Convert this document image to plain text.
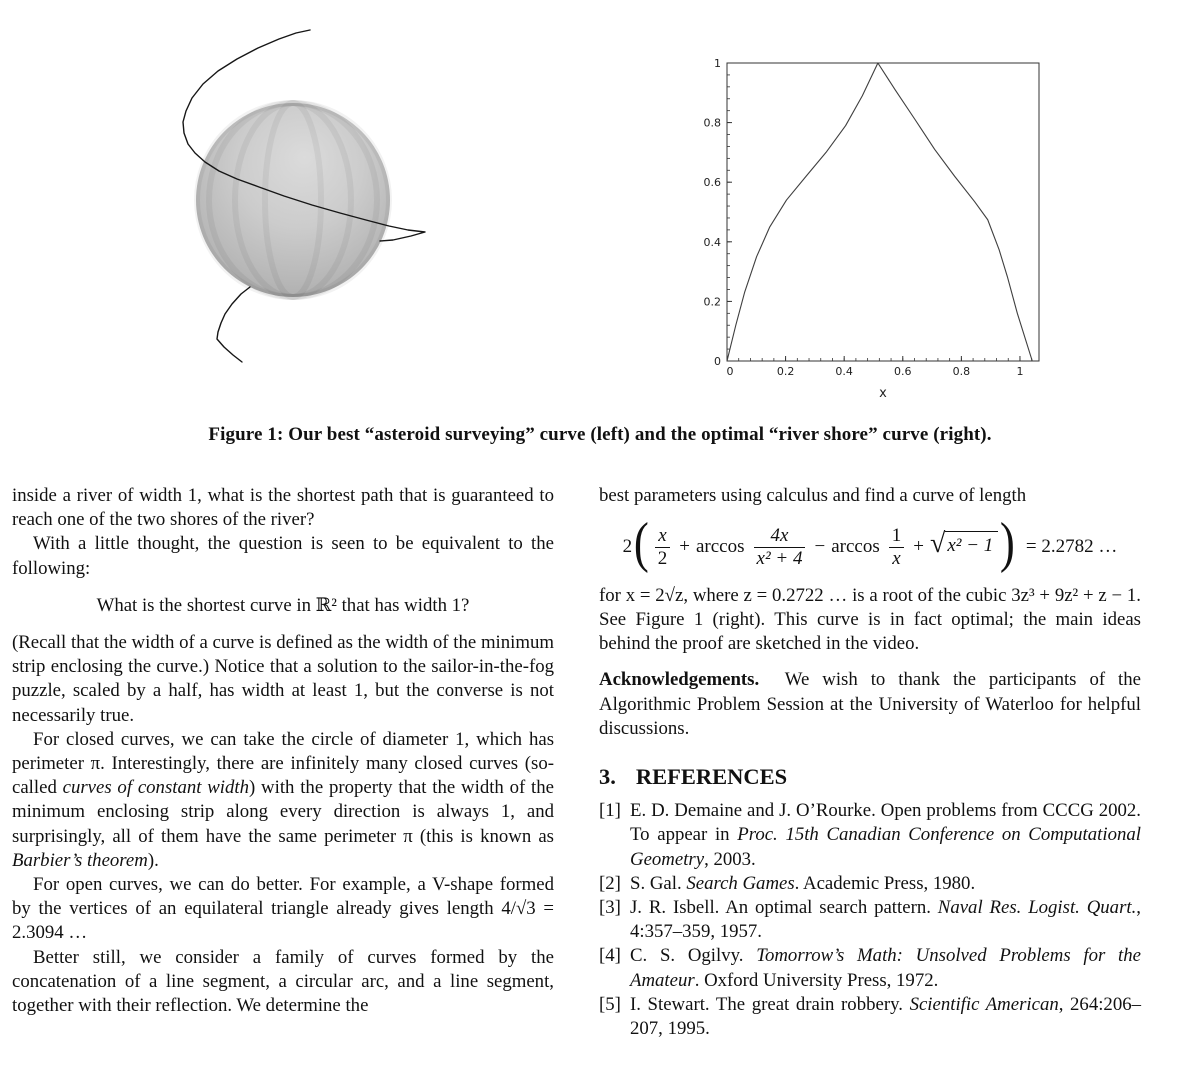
0	0.2	0.4	0.6	0.8	1
0
0.2
0.4
0.6
0.8
1
x
Figure 1: Our best “asteroid surveying” curve (left) and the optimal “river shore” curve (right).

inside a river of width 1, what is the shortest path that is guaranteed to reach one of the two shores of the river?

With a little thought, the question is seen to be equivalent to the following:

What is the shortest curve in ℝ² that has width 1?

(Recall that the width of a curve is defined as the width of the minimum strip enclosing the curve.) Notice that a solution to the sailor-in-the-fog puzzle, scaled by a half, has width at least 1, but the converse is not necessarily true.

For closed curves, we can take the circle of diameter 1, which has perimeter π. Interestingly, there are infinitely many closed curves (so-called curves of constant width) with the property that the width of the minimum enclosing strip along every direction is always 1, and surprisingly, all of them have the same perimeter π (this is known as Barbier’s theorem).

For open curves, we can do better. For example, a V-shape formed by the vertices of an equilateral triangle already gives length 4/√3 = 2.3094 …

Better still, we consider a family of curves formed by the concatenation of a line segment, a circular arc, and a line segment, together with their reflection. We determine the

best parameters using calculus and find a curve of length

2 ( $\frac{x}{2} + \arccos \frac{4x}{\text{x² + 4}} - \arccos \frac{1}{x}$ + √ x² − 1 ) = 2.2782 …

for x = 2√z, where z = 0.2722 … is a root of the cubic 3z³ + 9z² + z − 1. See Figure 1 (right). This curve is in fact optimal; the main ideas behind the proof are sketched in the video.

Acknowledgements. We wish to thank the participants of the Algorithmic Problem Session at the University of Waterloo for helpful discussions.

3. REFERENCES
[1] E. D. Demaine and J. O’Rourke. Open problems from CCCG 2002. To appear in Proc. 15th Canadian Conference on Computational Geometry, 2003.
[2] S. Gal. Search Games. Academic Press, 1980.
[3] J. R. Isbell. An optimal search pattern. Naval Res. Logist. Quart., 4:357–359, 1957.
[4] C. S. Ogilvy. Tomorrow’s Math: Unsolved Problems for the Amateur. Oxford University Press, 1972.
[5] I. Stewart. The great drain robbery. Scientific American, 264:206–207, 1995.
